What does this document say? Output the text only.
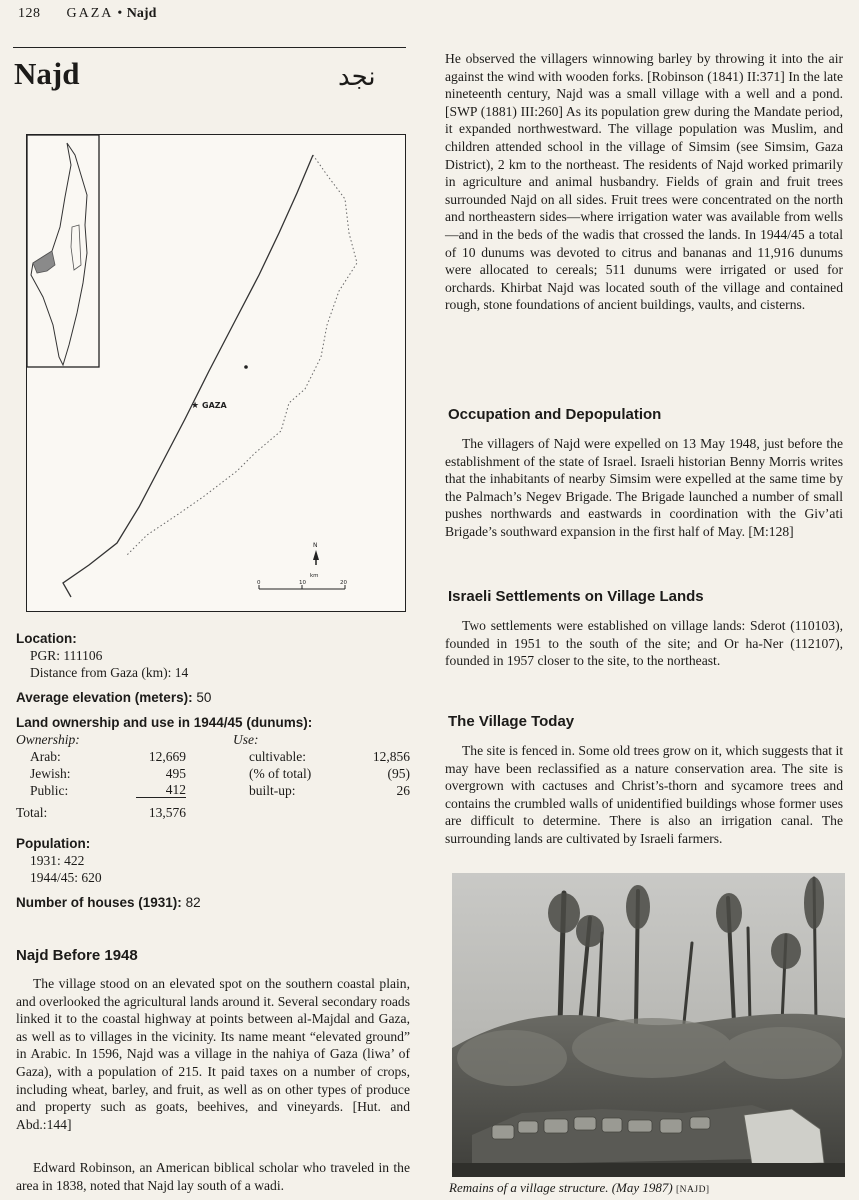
128 GAZA • Najd
Najd	نجد
★ GAZA
N
km
0	10	20
Location:
PGR: 111106
Distance from Gaza (km): 14
Average elevation (meters): 50
Land ownership and use in 1944/45 (dunums):
Ownership:	Use:
Arab:	12,669	cultivable:	12,856
Jewish:	495	(% of total)	(95)
Public:	412	built-up:	26
Total:	13,576
Population:
1931: 422
1944/45: 620
Number of houses (1931): 82
Najd Before 1948

The village stood on an elevated spot on the southern coastal plain, and overlooked the agricultural lands around it. Several secondary roads linked it to the coastal highway at points between al-Majdal and Gaza, as well as to villages in the vicinity. Its name meant “elevated ground” in Arabic. In 1596, Najd was a village in the nahiya of Gaza (liwa’ of Gaza), with a population of 215. It paid taxes on a number of crops, including wheat, barley, and fruit, as well as on other types of produce and property such as goats, beehives, and vineyards. [Hut. and Abd.:144]

Edward Robinson, an American biblical scholar who traveled in the area in 1838, noted that Najd lay south of a wadi.

He observed the villagers winnowing barley by throwing it into the air against the wind with wooden forks. [Robinson (1841) II:371] In the late nineteenth century, Najd was a small village with a well and a pond. [SWP (1881) III:260] As its population grew during the Mandate period, it expanded northwestward. The village population was Muslim, and children attended school in the village of Simsim (see Simsim, Gaza District), 2 km to the northeast. The residents of Najd worked primarily in agriculture and animal husbandry. Fields of grain and fruit trees surrounded Najd on all sides. Fruit trees were concentrated on the north and northeastern sides—where irrigation water was available from wells—and in the beds of the wadis that crossed the lands. In 1944/45 a total of 10 dunums was devoted to citrus and bananas and 11,916 dunums were allocated to cereals; 511 dunums were irrigated or used for orchards. Khirbat Najd was located south of the village and contained rough, stone foundations of ancient buildings, vaults, and cisterns.

Occupation and Depopulation

The villagers of Najd were expelled on 13 May 1948, just before the establishment of the state of Israel. Israeli historian Benny Morris writes that the inhabitants of nearby Simsim were expelled at the same time by the Palmach’s Negev Brigade. The Brigade launched a number of small pushes northwards and eastwards in coordination with the Giv’ati Brigade’s southward expansion in the first half of May. [M:128]

Israeli Settlements on Village Lands

Two settlements were established on village lands: Sderot (110103), founded in 1951 to the south of the site; and Or ha-Ner (112107), founded in 1957 closer to the site, to the northeast.

The Village Today

The site is fenced in. Some old trees grow on it, which suggests that it may have been reclassified as a nature conservation area. The site is overgrown with cactuses and Christ’s-thorn and sycamore trees and contains the crumbled walls of unidentified buildings whose former uses are difficult to determine. There is also an irrigation canal. The surrounding lands are cultivated by Israeli farmers.

Remains of a village structure. (May 1987) [NAJD]
